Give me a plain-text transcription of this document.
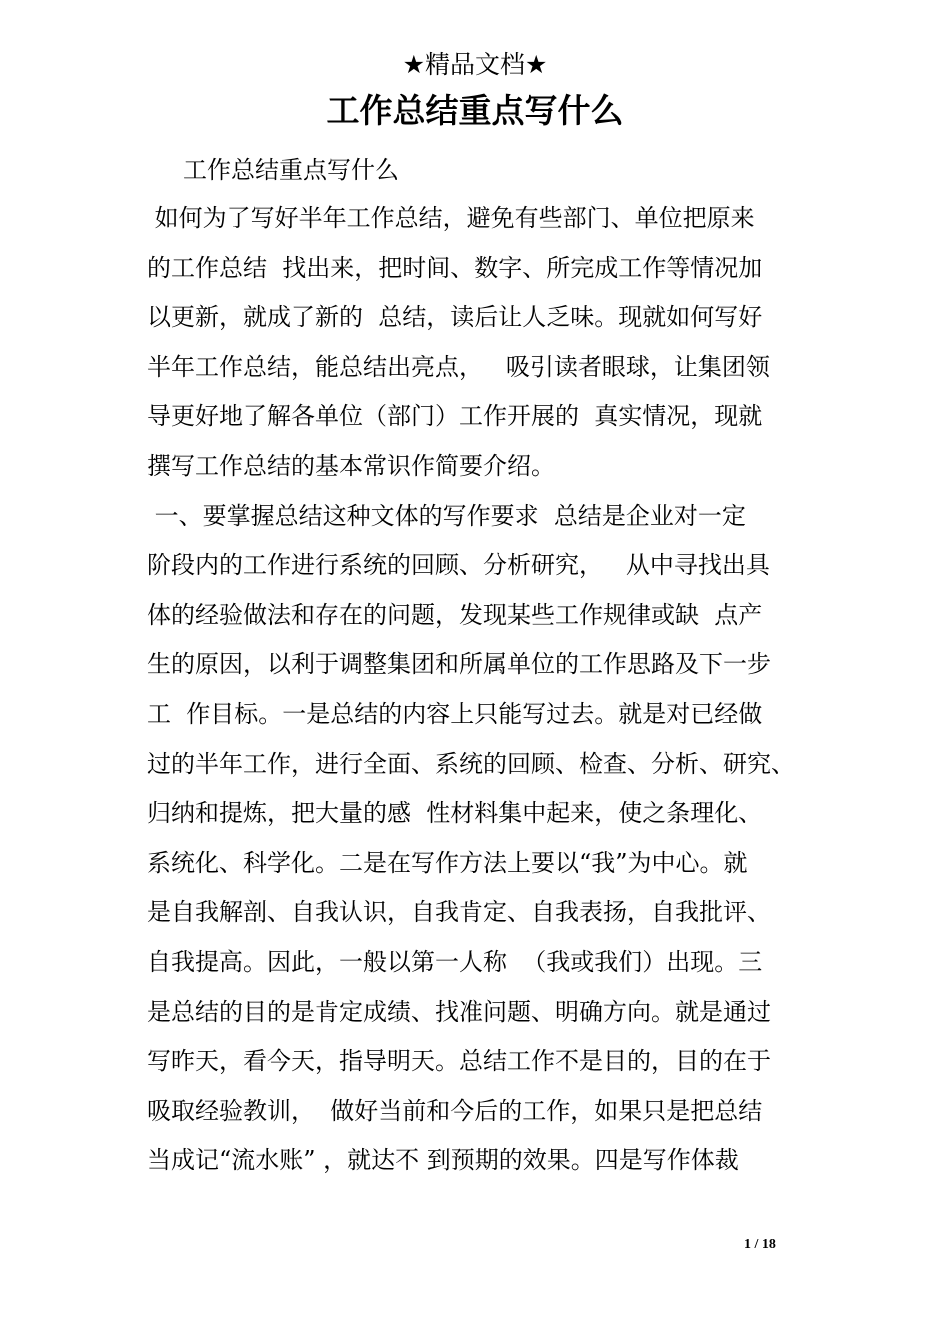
★精品文档★
工作总结重点写什么

工作总结重点写什么

如何为了写好半年工作总结，避免有些部门、单位把原来
的工作总结  找出来，把时间、数字、所完成工作等情况加
以更新，就成了新的  总结，读后让人乏味。现就如何写好
半年工作总结，能总结出亮点，   吸引读者眼球，让集团领
导更好地了解各单位（部门）工作开展的  真实情况，现就
撰写工作总结的基本常识作简要介绍。
一、要掌握总结这种文体的写作要求  总结是企业对一定
阶段内的工作进行系统的回顾、分析研究，   从中寻找出具
体的经验做法和存在的问题，发现某些工作规律或缺  点产
生的原因，以利于调整集团和所属单位的工作思路及下一步
工  作目标。一是总结的内容上只能写过去。就是对已经做
过的半年工作，进行全面、系统的回顾、检查、分析、研究、
归纳和提炼，把大量的感  性材料集中起来，使之条理化、
系统化、科学化。二是在写作方法上要以“我”为中心。就
是自我解剖、自我认识，自我肯定、自我表扬，自我批评、
自我提高。因此，一般以第一人称  （我或我们）出现。三
是总结的目的是肯定成绩、找准问题、明确方向。就是通过
写昨天，看今天，指导明天。总结工作不是目的，目的在于
吸取经验教训，  做好当前和今后的工作，如果只是把总结
当成记“流水账” ，就达不 到预期的效果。四是写作体裁
1 / 18
